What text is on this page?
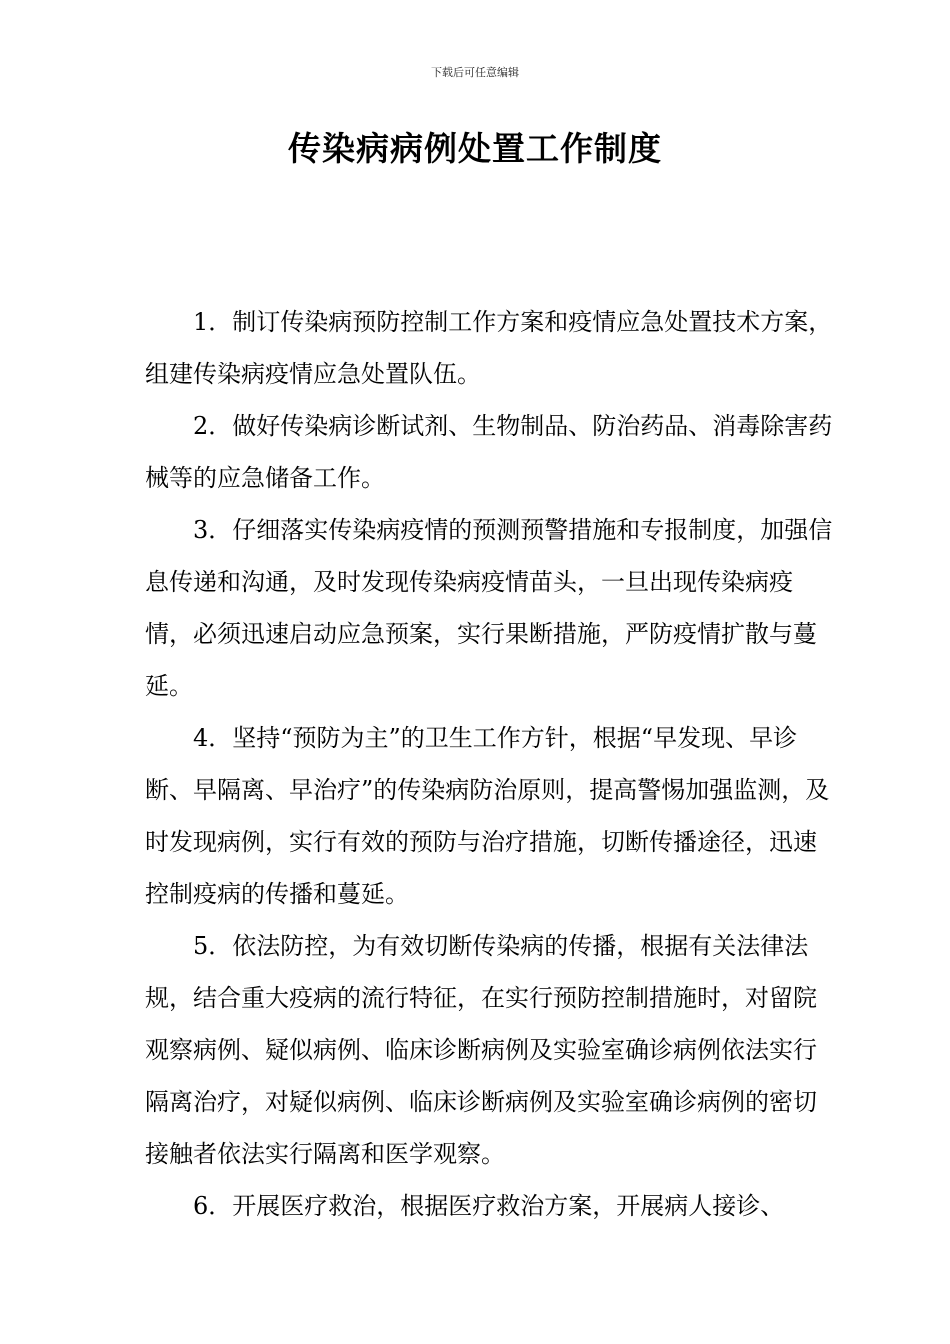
下载后可任意编辑
传染病病例处置工作制度

1．制订传染病预防控制工作方案和疫情应急处置技术方案，组建传染病疫情应急处置队伍。

2．做好传染病诊断试剂、生物制品、防治药品、消毒除害药械等的应急储备工作。

3．仔细落实传染病疫情的预测预警措施和专报制度，加强信息传递和沟通，及时发现传染病疫情苗头，一旦出现传染病疫情，必须迅速启动应急预案，实行果断措施，严防疫情扩散与蔓延。

4．坚持“预防为主”的卫生工作方针，根据“早发现、早诊断、早隔离、早治疗”的传染病防治原则，提高警惕加强监测，及时发现病例，实行有效的预防与治疗措施，切断传播途径，迅速控制疫病的传播和蔓延。

5．依法防控，为有效切断传染病的传播，根据有关法律法规，结合重大疫病的流行特征，在实行预防控制措施时，对留院观察病例、疑似病例、临床诊断病例及实验室确诊病例依法实行隔离治疗，对疑似病例、临床诊断病例及实验室确诊病例的密切接触者依法实行隔离和医学观察。

6．开展医疗救治，根据医疗救治方案，开展病人接诊、
